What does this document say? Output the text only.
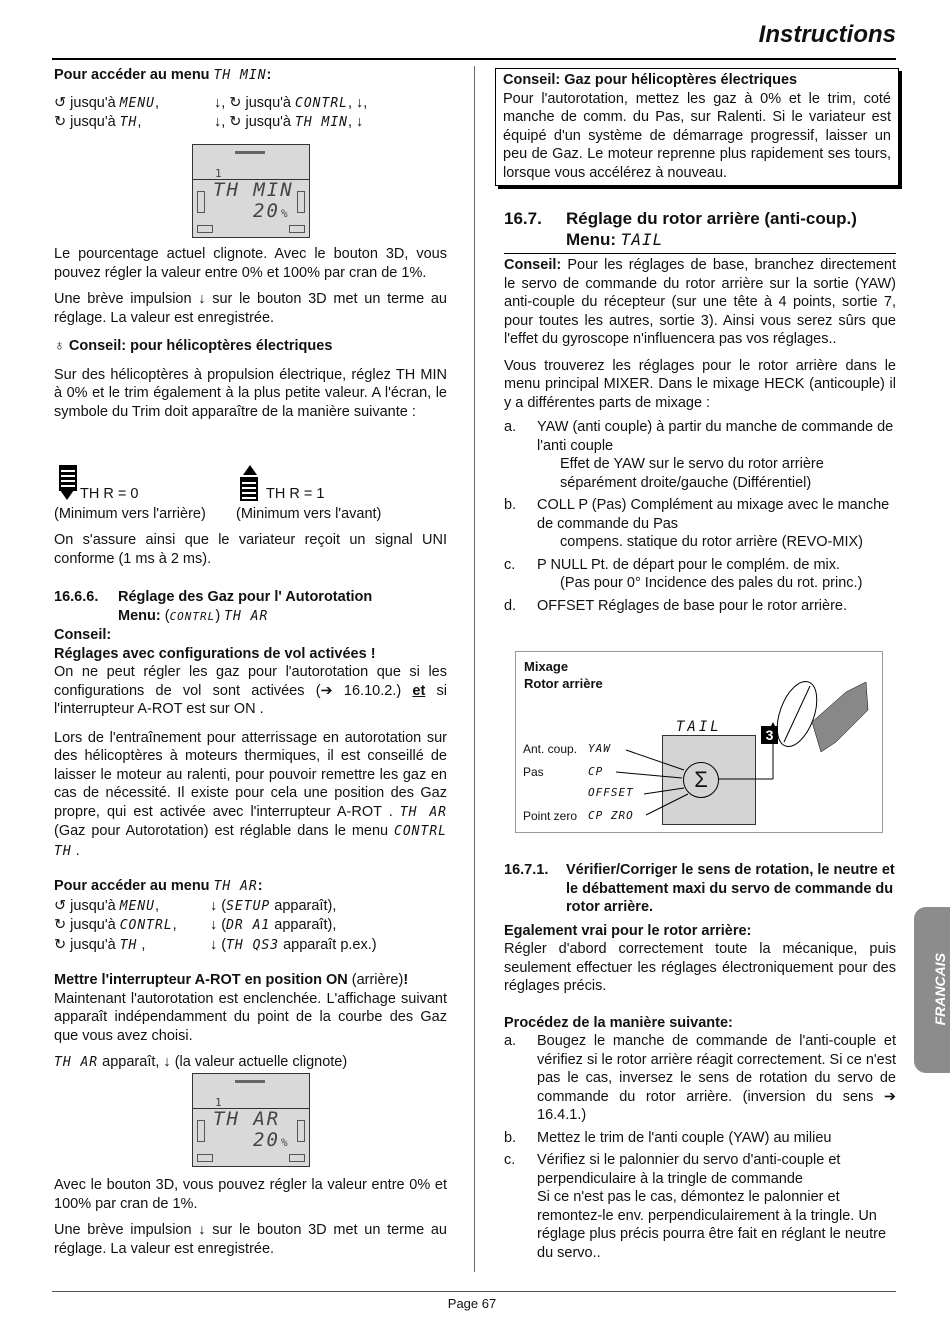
Instructions

Pour accéder au menu TH MIN:

↺ jusqu'à MENU,	↓, ↻ jusqu'à CONTRL, ↓,
↻ jusqu'à TH,	↓, ↻ jusqu'à TH MIN, ↓
1
TH MIN
20 %

Le pourcentage actuel clignote. Avec le bouton 3D, vous pouvez régler la valeur entre 0% et 100% par cran de 1%.

Une brève impulsion ↓ sur le bouton 3D met un terme au réglage. La valeur est enregistrée.

♁ Conseil: pour hélicoptères électriques

Sur des hélicoptères à propulsion électrique, réglez TH MIN à 0% et le trim également à la plus petite valeur. A l'écran, le symbole du Trim doit apparaître de la manière suivante :

TH R = 0	TH R = 1
(Minimum vers l'arrière) (Minimum vers l'avant)

On s'assure ainsi que le variateur reçoit un signal UNI conforme (1 ms à 2 ms).

16.6.6.	Réglage des Gaz pour l' Autorotation
Menu: (CONTRL) TH AR

Conseil:

Réglages avec configurations de vol activées !

On ne peut régler les gaz pour l'autorotation que si les configurations de vol sont activées (➔ 16.10.2.) et si l'interrupteur A-ROT est sur ON .

Lors de l'entraînement pour atterrissage en autorotation sur des hélicoptères à moteurs thermiques, il est conseillé de laisser le moteur au ralenti, pour pouvoir remettre les gaz en cas de nécessité. Il existe pour cela une position des Gaz propre, qui est activée avec l'interrupteur A-ROT . TH AR (Gaz pour Autorotation) est réglable dans le menu CONTRL TH .

Pour accéder au menu TH AR:

↺ jusqu'à MENU,	↓ (SETUP apparaît),
↻ jusqu'à CONTRL,	↓ (DR A1 apparaît),
↻ jusqu'à TH ,	↓ (TH QS3 apparaît p.ex.)

Mettre l'interrupteur A-ROT en position ON (arrière)!

Maintenant l'autorotation est enclenchée. L'affichage suivant apparaît indépendamment du point de la courbe des Gaz que vous avez choisi.

TH AR apparaît, ↓ (la valeur actuelle clignote)

1
TH AR
20 %

Avec le bouton 3D, vous pouvez régler la valeur entre 0% et 100% par cran de 1%.

Une brève impulsion ↓ sur le bouton 3D met un terme au réglage. La valeur est enregistrée.

Conseil: Gaz pour hélicoptères électriques

Pour l'autorotation, mettez les gaz à 0% et le trim, coté manche de comm. du Pas, sur Ralenti. Si le variateur est équipé d'un système de démarrage progressif, laisser un peu de Gaz. Le moteur reprenne plus rapidement ses tours, lorsque vous accélérez à nouveau.

16.7.	Réglage du rotor arrière (anti-coup.)
Menu: TAIL

Conseil: Pour les réglages de base, branchez directement le servo de commande du rotor arrière sur la sortie (YAW) anti-couple du récepteur (sur une tête à 4 points, sortie 7, pour toutes les autres, sortie 3). Ainsi vous serez sûrs que l'effet du gyroscope n'influencera pas vos réglages..

Vous trouverez les réglages pour le rotor arrière dans le menu principal MIXER. Dans le mixage HECK (anticouple) il y a différentes parts de mixage :

a.	YAW (anti couple) à partir du manche de commande de l'anti couple

Effet de YAW sur le servo du rotor arrière séparément droite/gauche (Différentiel)
b.	COLL P (Pas) Complément au mixage avec le manche de commande du Pas

compens. statique du rotor arrière (REVO-MIX)
c.	P NULL Pt. de départ pour le complém. de mix.

(Pas pour 0° Incidence des pales du rot. princ.)
d.	OFFSET Réglages de base pour le rotor arrière.
Mixage
Rotor arrière
TAIL
Σ
Ant. coup. YAW
Pas	CP
OFFSET
Point zero CP ZRO
3
16.7.1.	Vérifier/Corriger le sens de rotation, le neutre et le débattement maxi du servo de commande du rotor arrière.

Egalement vrai pour le rotor arrière:

Régler d'abord correctement toute la mécanique, puis seulement effectuer les réglages électroniquement pour des réglages précis.

Procédez de la manière suivante:

a.	Bougez le manche de commande de l'anti-couple et vérifiez si le rotor arrière réagit correctement. Si ce n'est pas le cas, inversez le sens de rotation du servo de commande du rotor arrière. (inversion du sens ➔ 16.4.1.)
b.	Mettez le trim de l'anti couple (YAW) au milieu
c.	Vérifiez si le palonnier du servo d'anti-couple et perpendiculaire à la tringle de commande
Si ce n'est pas le cas, démontez le palonnier et remontez-le env. perpendiculairement à la tringle. Un réglage plus précis pourra être fait en réglant le neutre du servo..
FRANCAIS
Page 67
